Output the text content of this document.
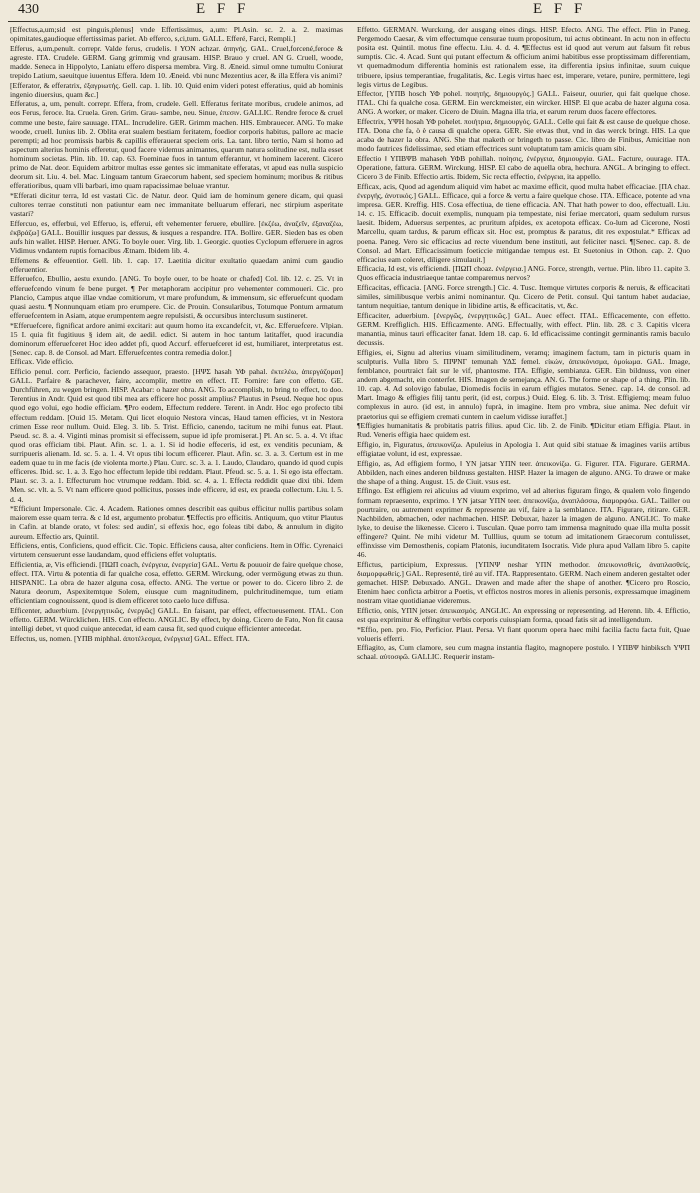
430	E F F	E F F

[Effectus,a,um;sid est pinguis,plenus] vnde Effertissimus, a,um: Pl.Asin. sc. 2. a. 2. maximas opimitates,gaudioque effertissimas pariet. Ab efferco, s,ci,tum. GALL. Efferé, Farci, Rempli.]

Efferus, a,um,penult. correpr. Valde ferus, crudelis. ‖ ΥΟΝ achzar. ἀπηνής. GAL. Cruel,forcené,feroce & agreste. ITA. Crudele. GERM. Gang grimmig vnd grausam. HISP. Brauo y cruel. AN G. Cruell, woode, madde. Seneca in Hippolyto, Laniatu effero dispersa membra. Virg. 8. Æneid. simul omne tumultu Coniurat trepido Latium, saeuitque iuuentus Effera. Idem 10. Æneid. vbi nunc Mezentius acer, & illa Effera vis animi?

[Efferator, & efferatrix, ἐξαγριωτής. Gell. cap. 1. lib. 10. Quid enim videri potest efferatius, quid ab hominis ingenio diuersius, quam &c.]

Efferatus, a, um, penult. correpr. Effera, from, crudele. Gell. Efferatus feritate moribus, crudele animos, ad eos Ferus, feroce. Ita. Cruela. Gren. Grim. Grau- sambe, neu. Sinue, ἐπεσιν. GALLIC. Rendre feroce & cruel comme une beste, faire sauuage. ITAL. Incrudelire. GER. Grimm machen. HIS. Embrauecer. ANG. To make woode, cruell. Iunius lib. 2. Oblita erat sualem bestiam feritatem, foedior corporis habitus, pallore ac macie perempti; ad hoc promissis barbis & capillis efferauerat speciem oris. La. tant. libro tertio, Nam si homo ad aspectum alterius hominis efferetur, quod facere videmus animantes, quarum natura solitudine est, nulla esset hominum societas. Plin. lib. 10. cap. 63. Foeminae fuos in tantum efferantur, vt hominem lacerent. Cicero primo de Nat. deor. Equidem arbitror multas esse gentes sic immanitate efferatas, vt apud eas nulla suspicio deorum sit. Liu. 4. bel. Mac. Linguam tantum Graecorum habent, sed speciem hominum; moribus & ritibus efferatioribus, quam vlli barbari, imo quam rapacissimae beluae vrantur.

*Efferati dicitur terra, Id est vastati Cic. de Natur. deor. Quid iam de hominum genere dicam, qui quasi cultores terrae constituti non patiuntur eam nec immanitate belluarum efferari, nec stirpium asperitate vastari?

Effercuo, es, efferbui, vel Efferuo, is, efferui, eft vehementer feruere, ebullire. [ἐκζέω, ἀναζεῖν, ἐξαναζέω, ἐκβράζω] GALL. Bouillir iusques par dessus, & iusques a respandre. ITA. Bollire. GER. Sieden bas es oben aufs hin wallet. HISP. Heruer. ANG. To boyle ouer. Virg. lib. 1. Georgic. quoties Cyclopum efferuere in agros Vidimus vndantem ruptis fornacibus Ætnam. Ibidem lib. 4.

Effemens & effeuentior. Gell. lib. 1. cap. 17. Laetitia dicitur exultatio quaedam animi cum gaudio efferuentior.

Efferuefco, Ebullio, aestu exundo. [ANG. To boyle ouer, to be hoate or chafed] Col. lib. 12. c. 25. Vt in efferuefcendo vinum fe bene purget. ¶ Per metaphoram accipitur pro vehementer commoueri. Cic. pro Plancio, Campus atque illae vndae comitiorum, vt mare profundum, & immensum, sic efferuefcunt quodam quasi aestu. ¶ Nonnunquam etiam pro erumpere. Cic. de Prouin. Consularibus, Totumque Pontum armatum efferuefcentem in Asiam, atque erumpentem aegre repulsisti, & occursibus interclusum sustineret.

*Efferuefcere, fignificat ardore animi excitari: aut quum homo ita excandefcit, vt, &c. Efferuefcere. Vlpian. 15 I. quia fit fugitiuus § idem ait, de aedil. edict. Si autem in hoc tantum latitaffet, quod iracundia dominorum efferuefceret Hoc ideo addet pfi, quod Accurf. efferuefceret id est, humiliaret, interpretatus est. [Senec. cap. 8. de Consol. ad Mart. Efferuefcentes contra remedia dolor.]

Efficax. Vide efficio.

Efficio penul. corr. Perficio, faciendo assequor, praesto. [ΗΨΣ hasah ΥΦ pahal. ἐκτελέω, ἀπεργάζομαι] GALL. Parfaire & parachever, faire, accomplir, mettre en effect. IT. Fornire: fare con effetto. GE. Durchführen, zu wegen bringen. HISP. Acabar: o hazer obra. ANG. To accomplish, to bring to effect, to doo. Terentius in Andr. Quid est quod tibi mea ars efficere hoc possit amplius? Plautus in Pseud. Neque hoc opus quod ego volui, ego hodie efficiam. ¶Pro eodem, Effectum reddere. Terent. in Andr. Hoc ego profecto tibi effectum reddam. [Ouid 15. Metam. Qui licet eloquio Nestora vincas, Haud tamen efficies, vt in Nestora crimen Esse reor nullum. Ouid. Eleg. 3. lib. 5. Trist. Efficio, canendo, tacitum ne mihi funus eat. Plaut. Pseud. sc. 8. a. 4. Viginti minas promisit si effecissem, supue id ipfe promiserat.] Pl. An sc. 5. a. 4. Vt iftac quod oras efficiam tibi. Plaut. Afin. sc. 1. a. 1. Si id hodie effeceris, id est, ex venditis pecuniam, & surripueris alienam. Id. sc. 5. a. 1. 4. Vt opus tibi locum efficerer. Plaut. Afin. sc. 3. a. 3. Certum est in me eadem quae tu in me facis (de violenta morte.) Plau. Curc. sc. 3. a. 1. Laudo, Claudaro, quando id quod cupis efficeres. Ibid. sc. 1. a. 3. Ego hoc effectum lepide tibi reddam. Plaut. Pfeud. sc. 5. a. 1. Si ego ista effectam. Plaut. sc. 3. a. 1. Effecturum hoc vtrumque reddam. Ibid. sc. 4. a. 1. Effecta reddidit quae dixi tibi. Idem Men. sc. vlt. a. 5. Vt nam efficere quod pollicitus, posses inde efficere, id est, ex praeda collectum. Liu. l. 5. d. 4.

*Efficiunt Impersonale. Cic. 4. Academ. Rationes omnes describit eas quibus efficitur nullis partibus solam maiorem esse quam terra. & c Id est, argumento probatur. ¶Effectis pro efficitis. Antiquum, quo vtitur Plautus in Cafin. at blande orato, vt foles: sed audin', si effexis hoc, ego foleas tibi dabo, & annulum in digito aureum. Effectio ars, Quintil.

Efficiens, entis, Conficiens, quod efficit. Cic. Topic. Efficiens causa, alter conficiens. Item in Offic. Cyrenaici virtutem censuerunt esse laudandam, quod efficiens effet voluptatis.

Efficientia, æ, Vis efficiendi. [ΠΩΠ coach, ἐνέργεια, ἐνεργεία] GAL. Vertu & pouuoir de faire quelque chose, effect. ITA. Virtu & potentia di far qualche cosa, effetto. GERM. Wirckung, oder vermögung etwas zu thun. HISPANIC. La obra de hazer alguna cosa, effecto. ANG. The vertue or power to do. Cicero libro 2. de Natura deorum, Aspexitemtque Solem, eiusque cum magnitudinem, pulchritudinemque, tum etiam efficientiam cognouissent, quod is diem efficeret toto caelo luce diffusa.

Efficenter, aduerbium. [ἐνεργητικῶς, ἐνεργῶς] GALL. En faisant, par effect, effectueusement. ITAL. Con effetto. GERM. Würcklichen. HIS. Con effecto. ANGLIC. By effect, by doing. Cicero de Fato, Non fit causa intelligi debet, vt quod cuique antecedat, id eam causa fit, sed quod cuique efficienter antecedat.

Effectus, us, nomen. [ΥΠΒ miphhal. ἀποτέλεσμα, ἐνέργεια] GAL. Effect. ITA.

Effetto. GERMAN. Wurckung, der ausgang eines dings. HISP. Efecto. ANG. The effect. Plin in Paneg. Pergemodo Caesar, & vim effectumque censurae tuum propositum, tui actus obtineant. In actu non in effectu posita est. Quintil. motus fine effectu. Liu. 4. d. 4. ¶Effectus est id quod aut verum aut falsum fit rebus sumptis. Cic. 4. Acad. Sunt qui putant effectum & officium animi habitibus esse proptissimam differentiam, vt quemadmodum differentia hominis est rationalem esse, ita differentia ipsius infinitae, suum cuique tribuere, ipsius temperantiae, frugalitatis, &c. Legis virtus haec est, imperare, vetare, punire, permittere, legi legis virtus de Legibus.

Effector, [ΥΠΒ hosch ΥΦ pohel. ποιητής, δημιουργός.] GALL. Faiseur, ouurier, qui fait quelque chose. ITAL. Chi fa qualche cosa. GERM. Ein werckmeister, ein wircker. HISP. El que acaba de hazer alguna cosa. ANG. A worker, or maker. Cicero de Diuin. Magna illa tria, et earum rerum duos facere effectores.

Effectrix, ΥΨΗ hosah ΥΦ pohelet. ποιήτρια, δημιουργός. GALL. Celle qui fait & est cause de quelque chose. ITA. Dona che fa, ò è causa di qualche opera. GER. Sie etwas thut, vnd in das werck bringt. HIS. La que acaba de hazer la obra. ANG. She that maketh or bringeth to passe. Cic. libro de Finibus, Amicitiae non modo fautrices fidelissimae, sed etiam effectrices sunt voluptatum tam amicis quam sibi.

Effectio ‖ ΥΠΒΨΒ mahaseh ΥΦΒ pohillah. ποίησις, ἐνέργεια, δημιουργία. GAL. Facture, ouurage. ITA. Operatione, fattura. GERM. Wirckung. HISP. El cabo de aquella obra, hechura. ANGL. A bringing to effect. Cicero 3 de Finib. Effectio artis. Ibidem, Sic recta effectio, ἐνέργεια, ita appello.

Efficax, acis, Quod ad agendum aliquid vim habet ac maxime efficit, quod multa habet efficaciae. [ΠΑ chaz. ἐνεργής, ἀνυτικός.] GALL. Efficace, qui a force & vertu a faire quelque chose. ITA. Efficace, potente ad vna impresa. GER. Kreffig. HIS. Cosa effectiua, de tiene efficacia. AN. That hath power to doo, effectuall. Liu. 14. c. 15. Efficacib. docuit exemplis, nunquam pia tempestate, nisi feriae mercatori, quam sedulum rursus laesit. Ibidem, Aduersus serpentes, ac pruritum afpides, ex acetopota efficax. Co-lum ad Cicerone, Nosti Marcellu, quam tardus, & parum efficax sit. Hoc est, promptus & paratus, dit res expostulat.* Efficax ad poena. Paneg. Vero sic efficacius ad recte viuendum bene instituti, aut feliciter nasci. ¶[Senec. cap. 8. de Consol. ad Mart. Efficacissimum foeticcie mitigandae tempus est. Et Suetonius in Othon. cap. 2. Quo efficacius eam coleret, diligere simulauit.]

Efficacia, Id est, vis efficiendi. [ΠΩΠ choaz. ἐνέργεια.] ANG. Force, strength, vertue. Plin. libro 11. capite 3. Quos efficacia industriaeque tantae comparemus nervos?

Efficacitas, efficacia. [ANG. Force strength.] Cic. 4. Tusc. Itemque virtutes corporis & neruis, & efficacitati similes, similibusque verbis animi nominantur. Qu. Cicero de Petit. consul. Qui tantum habet audaciae, tantum nequitiae, tantum denique in libidine artis, & efficacitatis, vt, &c.

Efficaciter, aduerbium. [ἐνεργῶς, ἐνεργητικῶς.] GAL. Auec effect. ITAL. Efficacemente, con effetto. GERM. Kreffiglich. HIS. Efficazmente. ANG. Effectually, with effect. Plin. lib. 28. c 3. Capitis vlcera manantia, minus tauri efficaciter fanat. Idem 18. cap. 6. Id efficacissime contingit germinantis ramis baculo decussis.

Effigies, ei, Signu ad alterius viuam similitudinem, veramq; imaginem factum, tam in picturis quam in sculpturis. Vulla libro 5. ΠΙΨΝΓ temunah ΥΔΣ femel. εἰκών, ἀπεικόνισμα, ὁμοίωμα. GAL. Image, femblance, pourtraict fait sur le vif, phantosme. ITA. Effigie, sembianza. GER. Ein bildnuss, von einer andern abgemacht, ein conterfet. HIS. Imagen de semejança. AN. G. The forme or shape of a thing. Plin. lib. 10. cap. 4. Ad solovigo fabulae, Diomedis fociis in earum effigies mutatos. Senec. cap. 14. de consol. ad Mart. Imago & effigies filij tantu perit, (id est, corpus.) Ouid. Eleg. 6. lib. 3. Trist. Effigiemq; meam fuluo complexus in auro. (id est, in annulo) fuprà, in imagine. Item pro vmbra, siue anima. Nec defuit vir praetorius qui se effigiem cremati cuntem in caelum vidisse iuraffet.]

¶Effigies humanitatis & probitatis patris filius. apud Cic. lib. 2. de Finib. ¶Dicitur etiam Effigia. Plaut. in Rud. Veneris effigia haec quidem est.

Effigio, in, Figuratus, ἀπεικονίζω. Apuleius in Apologia 1. Aut quid sibi statuae & imagines variis artibus effigiatae volunt, id est, expressae.

Effigio, as, Ad effigiem formo, ‖ ΥΝ jatsar ΥΠΝ teer. ἀπεικονίζω. G. Figurer. ITA. Figurare. GERMA. Abbilden, nach eines anderen bildnuss gestalten. HISP. Hazer la imagen de alguno. ANG. To drawe or make the shape of a thing. August. 15. de Ciuit. vsus est.

Effingo. Est effigiem rei alicuius ad viuum exprimo, vel ad alterius figuram fingo, & qualem volo fingendo formam repraesento, exprimo. ‖ ΥΝ jatsar ΥΠΝ teer. ἀπεικονίζω, ἀναπλάσσω, διαμορφόω. GAL. Tailler ou pourtraire, ou autrement exprimer & represente au vif, faire a la semblance. ITA. Figurare, ritirare. GER. Nachbilden, abmachen, oder nachmachen. HISP. Debuxar, hazer la imagen de alguno. ANGLIC. To make lyke, to deuise the likenesse. Cicero i. Tusculan. Quae porro tam immensa magnitudo quae illa multa possit effingere? Quint. Ne mihi videtur M. Tulllius, quum se totum ad imitationem Graecorum contulisset, effinxisse vim Demosthenis, copiam Platonis, iucunditatem Isocratis. Vide plura apud Vallam libro 5. capite 46.

Effictus, participium, Expressus. [ΥΠΝΨ neshar ΥΠΝ methodor. ἀπεικονισθείς, ἀναπλασθείς, διαμορφωθείς.] GAL. Representé, tiré au vif. ITA. Rappresentato. GERM. Nach einem anderen gestaltet oder gemachet. HISP. Debuxado. ANGL. Drawen and made after the shape of another. ¶Cicero pro Roscio, Etenim haec conficta arbitror a Poetis, vt effictos nostros mores in alienis personis, expressamque imaginem nostram vitae quotidianae videremus.

Effictio, onis, ΥΠΝ jetser. ἀπεικασμός. ANGLIC. An expressing or representing. ad Herenn. lib. 4. Effictio, est qua exprimitur & effingitur verbis corporis cuiuspiam forma, quoad fatis sit ad intelligendum.

*Effio, pen. pro. Fio, Perficior. Plaut. Persa. Vt fiant quorum opera haec mihi facilia factu facta fuit, Quae volueris efferri.

Effiagito, as, Cum clamore, seu cum magna instantia flagito, magnopere postulo. ‖ ΥΠΒΨ hinbiksch ΥΨΠ schaal. αὐτοσφῶ. GALLIC. Requerir instam-
